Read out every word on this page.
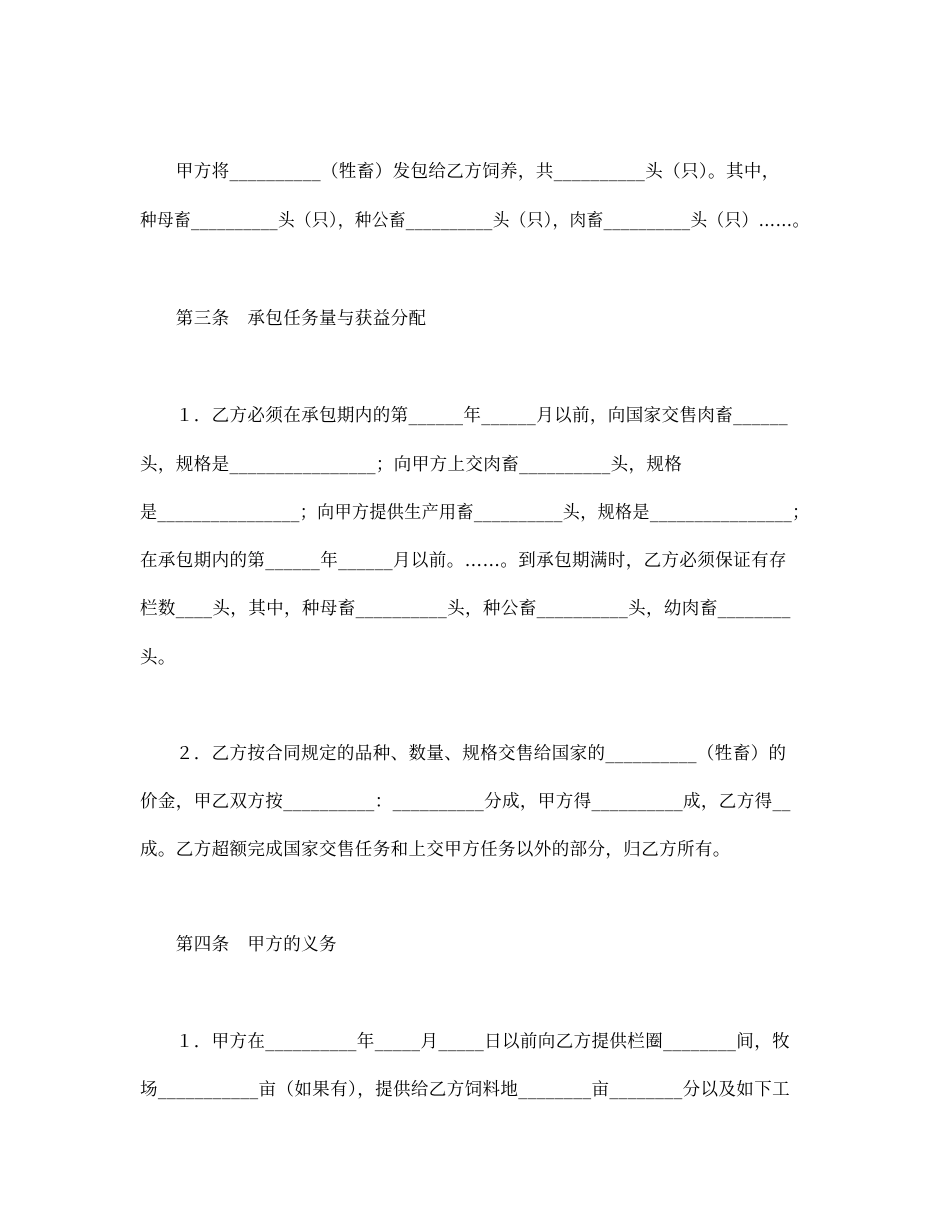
　　甲方将__________（牲畜）发包给乙方饲养，共__________头（只）。其中，
种母畜__________头（只），种公畜__________头（只），肉畜__________头（只）……。
　　第三条　承包任务量与获益分配
　　１．乙方必须在承包期内的第______年______月以前，向国家交售肉畜______
头，规格是________________；向甲方上交肉畜__________头，规格
是________________；向甲方提供生产用畜__________头，规格是________________；
在承包期内的第______年______月以前。……。到承包期满时，乙方必须保证有存
栏数____头，其中，种母畜__________头，种公畜__________头，幼肉畜________
头。
　　２．乙方按合同规定的品种、数量、规格交售给国家的__________（牲畜）的
价金，甲乙双方按__________：__________分成，甲方得__________成，乙方得__
成。乙方超额完成国家交售任务和上交甲方任务以外的部分，归乙方所有。
　　第四条　甲方的义务
　　１．甲方在__________年_____月_____日以前向乙方提供栏圈________间，牧
场___________亩（如果有），提供给乙方饲料地________亩________分以及如下工
